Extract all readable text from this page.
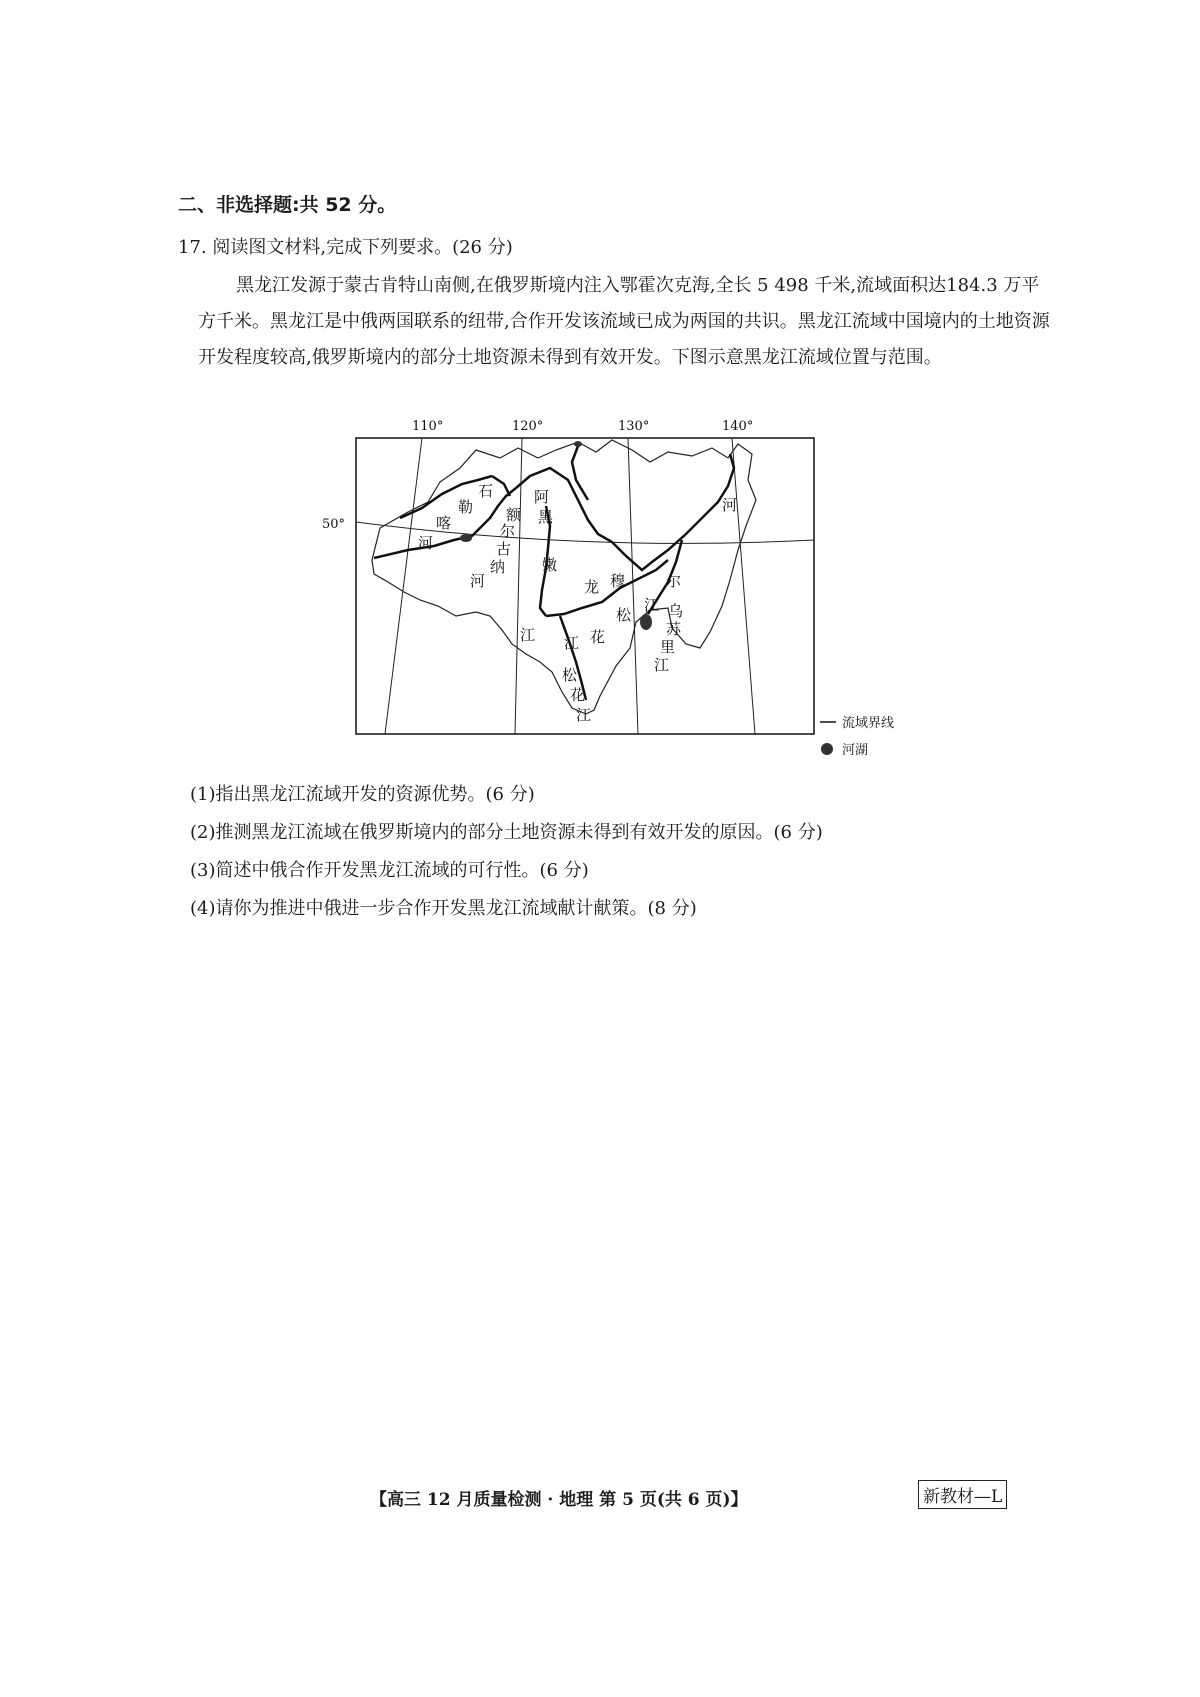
二、非选择题:共 52 分。
17. 阅读图文材料,完成下列要求。(26 分)
黑龙江发源于蒙古肯特山南侧,在俄罗斯境内注入鄂霍次克海,全长 5 498 千米,流域面积达184.3 万平方千米。黑龙江是中俄两国联系的纽带,合作开发该流域已成为两国的共识。黑龙江流域中国境内的土地资源开发程度较高,俄罗斯境内的部分土地资源未得到有效开发。下图示意黑龙江流域位置与范围。
110°	120°	130°	140°
50°
石
勒
喀
河
额
尔
古
纳
河
阿
黑
龙
河
嫩
江 江 花
松
松
花
江
穆	尔
江 乌
苏
里
江
流域界线
河湖
(1)指出黑龙江流域开发的资源优势。(6 分)
(2)推测黑龙江流域在俄罗斯境内的部分土地资源未得到有效开发的原因。(6 分)
(3)简述中俄合作开发黑龙江流域的可行性。(6 分)
(4)请你为推进中俄进一步合作开发黑龙江流域献计献策。(8 分)
【高三 12 月质量检测 · 地理 第 5 页(共 6 页)】	新教材—L
